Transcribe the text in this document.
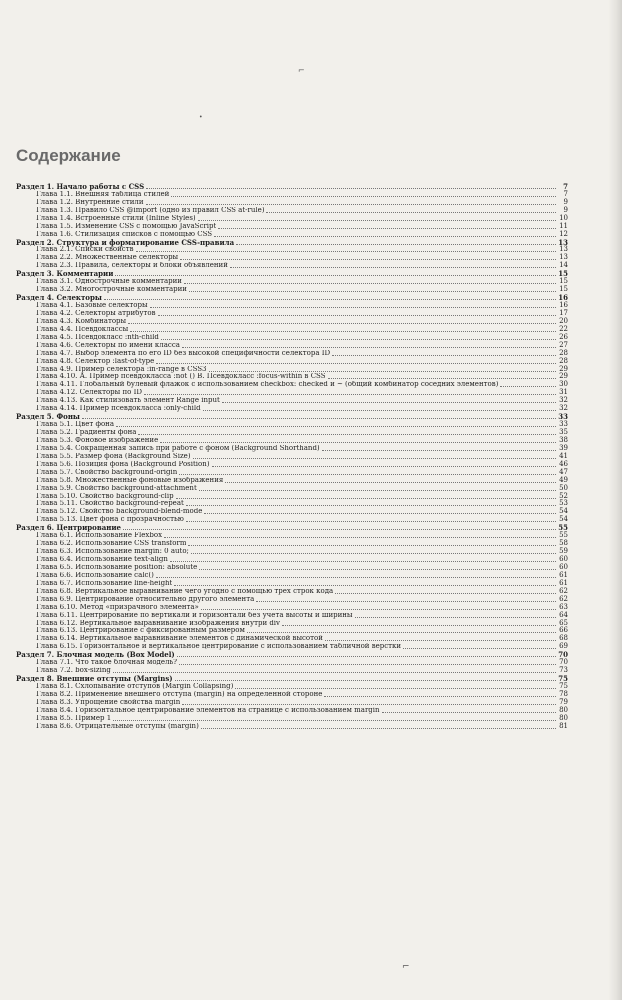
⌐
•
⌐
Содержание
Раздел 1. Начало работы с CSS	7
Глава 1.1. Внешняя таблица стилей	7
Глава 1.2. Внутренние стили	9
Глава 1.3. Правило CSS @import (одно из правил CSS at-rule)	9
Глава 1.4. Встроенные стили (Inline Styles)	10
Глава 1.5. Изменение CSS с помощью JavaScript	11
Глава 1.6. Стилизация списков с помощью CSS	12
Раздел 2. Структура и форматирование CSS-правила	13
Глава 2.1. Списки свойств	13
Глава 2.2. Множественные селекторы	13
Глава 2.3. Правила, селекторы и блоки объявлений	14
Раздел 3. Комментарии	15
Глава 3.1. Однострочные комментарии	15
Глава 3.2. Многострочные комментарии	15
Раздел 4. Селекторы	16
Глава 4.1. Базовые селекторы	16
Глава 4.2. Селекторы атрибутов	17
Глава 4.3. Комбинаторы	20
Глава 4.4. Псевдоклассы	22
Глава 4.5. Псевдокласс :nth-child	26
Глава 4.6. Селекторы по имени класса	27
Глава 4.7. Выбор элемента по его ID без высокой специфичности селектора ID	28
Глава 4.8. Селектор :last-of-type	28
Глава 4.9. Пример селектора :in-range в CSS3	29
Глава 4.10. А. Пример псевдокласса :not () В. Псевдокласс :focus-within в CSS	29
Глава 4.11. Глобальный булевый флажок с использованием checkbox: checked и ~ (общий комбинатор соседних элементов)	30
Глава 4.12. Селекторы по ID	31
Глава 4.13. Как стилизовать элемент Range input	32
Глава 4.14. Пример псевдокласса :only-child	32
Раздел 5. Фоны	33
Глава 5.1. Цвет фона	33
Глава 5.2. Градиенты фона	35
Глава 5.3. Фоновое изображение	38
Глава 5.4. Сокращенная запись при работе с фоном (Background Shorthand)	39
Глава 5.5. Размер фона (Background Size)	41
Глава 5.6. Позиция фона (Background Position)	46
Глава 5.7. Свойство background-origin	47
Глава 5.8. Множественные фоновые изображения	49
Глава 5.9. Свойство background-attachment	50
Глава 5.10. Свойство background-clip	52
Глава 5.11. Свойство background-repeat	53
Глава 5.12. Свойство background-blend-mode	54
Глава 5.13. Цвет фона с прозрачностью	54
Раздел 6. Центрирование	55
Глава 6.1. Использование Flexbox	55
Глава 6.2. Использование CSS transform	58
Глава 6.3. Использование margin: 0 auto;	59
Глава 6.4. Использование text-align	60
Глава 6.5. Использование position: absolute	60
Глава 6.6. Использование calc()	61
Глава 6.7. Использование line-height	61
Глава 6.8. Вертикальное выравнивание чего угодно с помощью трех строк кода	62
Глава 6.9. Центрирование относительно другого элемента	62
Глава 6.10. Метод «призрачного элемента»	63
Глава 6.11. Центрирование по вертикали и горизонтали без учета высоты и ширины	64
Глава 6.12. Вертикальное выравнивание изображения внутри div	65
Глава 6.13. Центрирование с фиксированным размером	66
Глава 6.14. Вертикальное выравнивание элементов с динамической высотой	68
Глава 6.15. Горизонтальное и вертикальное центрирование с использованием табличной верстки	69
Раздел 7. Блочная модель (Box Model)	70
Глава 7.1. Что такое блочная модель?	70
Глава 7.2. box-sizing	73
Раздел 8. Внешние отступы (Margins)	75
Глава 8.1. Схлопывание отступов (Margin Collapsing)	75
Глава 8.2. Применение внешнего отступа (margin) на определенной стороне	78
Глава 8.3. Упрощение свойства margin	79
Глава 8.4. Горизонтальное центрирование элементов на странице с использованием margin	80
Глава 8.5. Пример 1	80
Глава 8.6. Отрицательные отступы (margin)	81
